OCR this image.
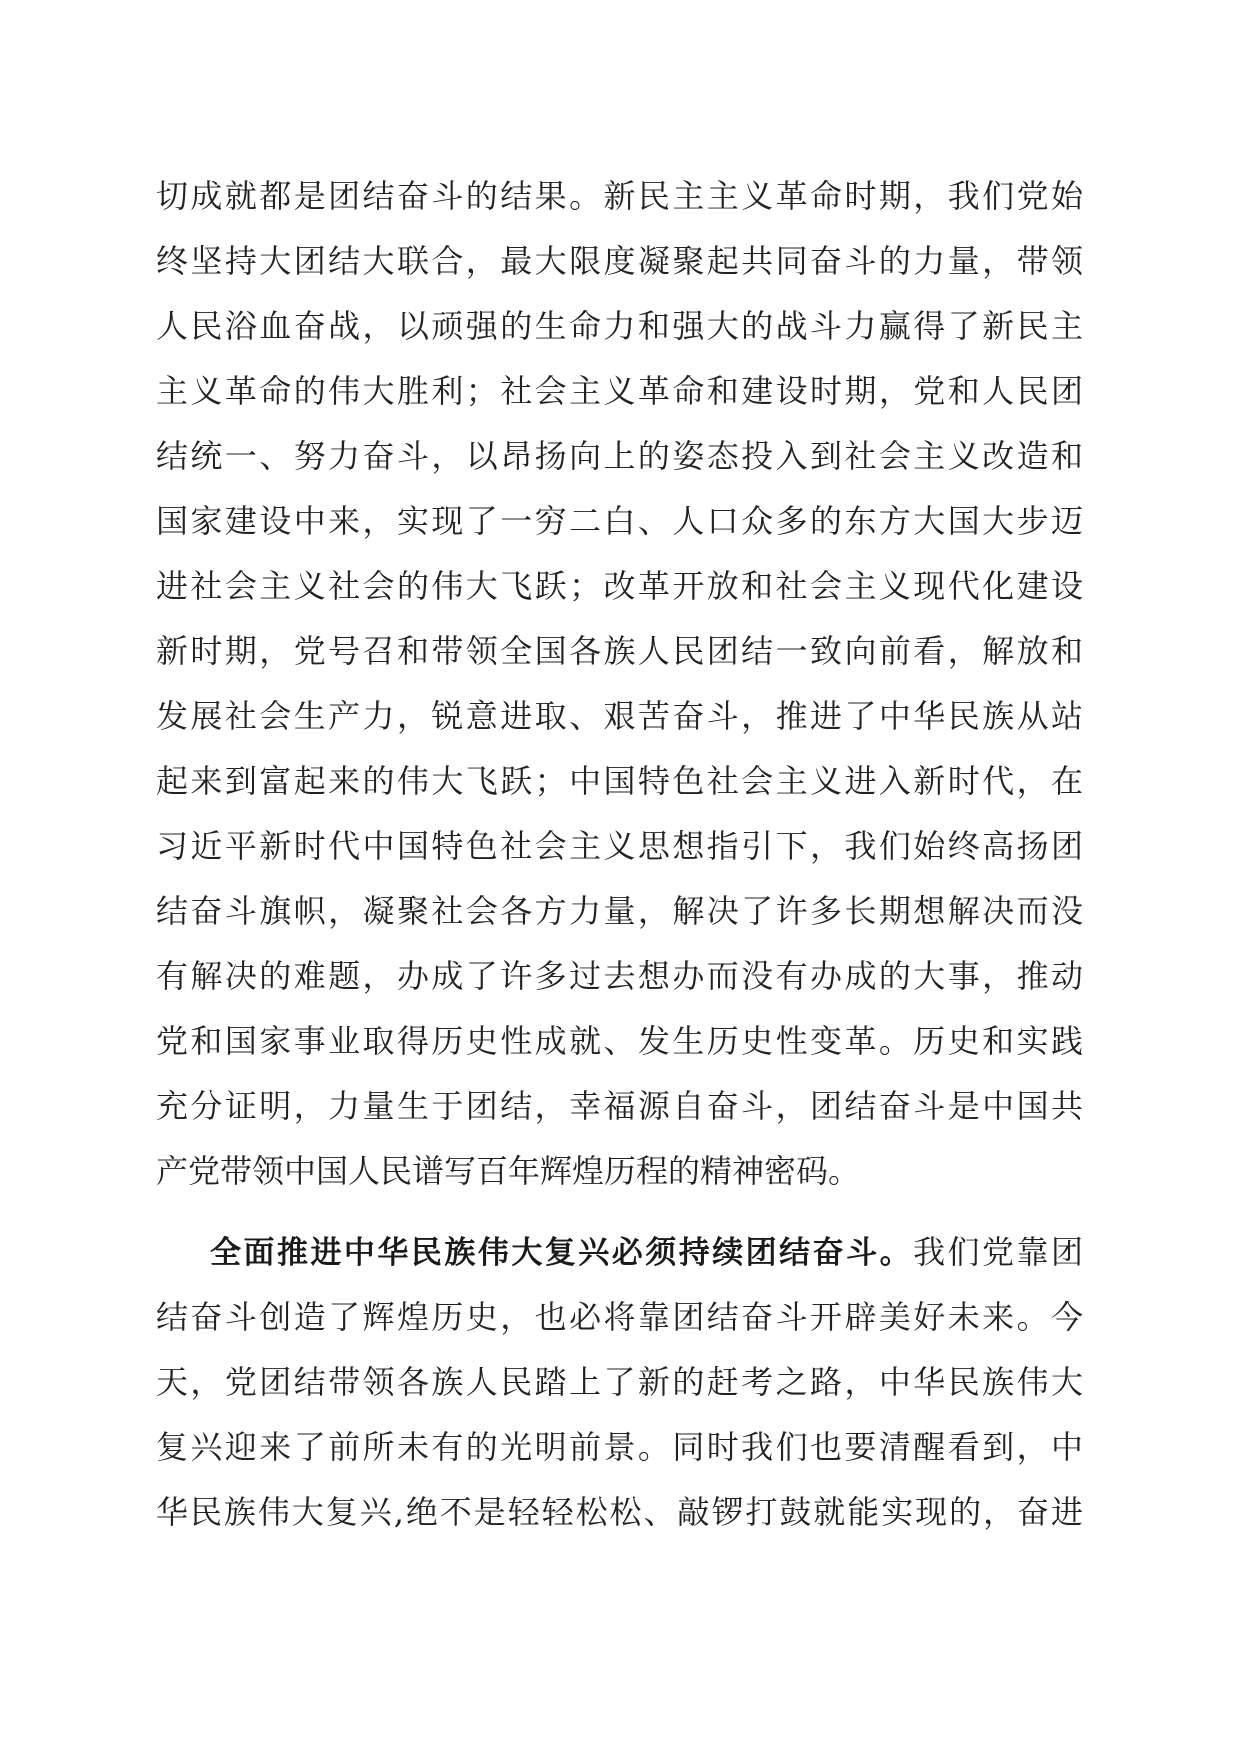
切成就都是团结奋斗的结果。新民主主义革命时期，我们党始
终坚持大团结大联合，最大限度凝聚起共同奋斗的力量，带领
人民浴血奋战，以顽强的生命力和强大的战斗力赢得了新民主
主义革命的伟大胜利；社会主义革命和建设时期，党和人民团
结统一、努力奋斗，以昂扬向上的姿态投入到社会主义改造和
国家建设中来，实现了一穷二白、人口众多的东方大国大步迈
进社会主义社会的伟大飞跃；改革开放和社会主义现代化建设
新时期，党号召和带领全国各族人民团结一致向前看，解放和
发展社会生产力，锐意进取、艰苦奋斗，推进了中华民族从站
起来到富起来的伟大飞跃；中国特色社会主义进入新时代，在
习近平新时代中国特色社会主义思想指引下，我们始终高扬团
结奋斗旗帜，凝聚社会各方力量，解决了许多长期想解决而没
有解决的难题，办成了许多过去想办而没有办成的大事，推动
党和国家事业取得历史性成就、发生历史性变革。历史和实践
充分证明，力量生于团结，幸福源自奋斗，团结奋斗是中国共
产党带领中国人民谱写百年辉煌历程的精神密码。
全面推进中华民族伟大复兴必须持续团结奋斗。我们党靠团
结奋斗创造了辉煌历史，也必将靠团结奋斗开辟美好未来。今
天，党团结带领各族人民踏上了新的赶考之路，中华民族伟大
复兴迎来了前所未有的光明前景。同时我们也要清醒看到，中
华民族伟大复兴,绝不是轻轻松松、敲锣打鼓就能实现的，奋进
